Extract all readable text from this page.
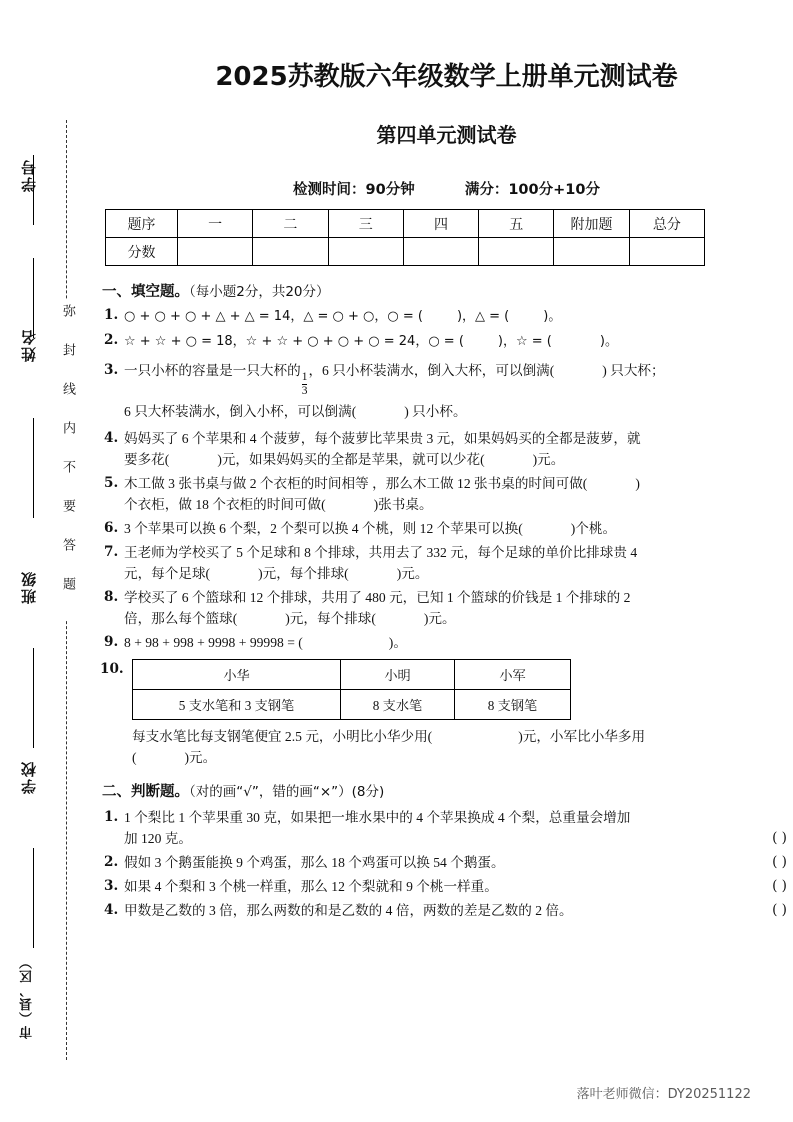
学号
姓名
班级
学校
市（县、区）
弥封线内不要答题
2025苏教版六年级数学上册单元测试卷
第四单元测试卷
检测时间：90分钟	满分：100分+10分
题序	一	二	三	四	五	附加题	总分
分数							
一、填空题。（每小题2分，共20分）
1. ○ + ○ + ○ + △ + △ = 14，△ = ○ + ○，○ = (	)，△ = (	)。
2. ☆ + ☆ + ○ = 18，☆ + ☆ + ○ + ○ + ○ = 24，○ = (	)，☆ = (	)。
3. 一只小杯的容量是一只大杯的
$\frac{1}{3}$
，6 只小杯装满水，倒入大杯，可以倒满(	) 只大杯；
6 只大杯装满水，倒入小杯，可以倒满(	) 只小杯。
4. 妈妈买了 6 个苹果和 4 个菠萝，每个菠萝比苹果贵 3 元，如果妈妈买的全都是菠萝，就
要多花(	)元，如果妈妈买的全都是苹果，就可以少花(	)元。
5. 木工做 3 张书桌与做 2 个衣柜的时间相等 ，那么木工做 12 张书桌的时间可做(	)
个衣柜，做 18 个衣柜的时间可做(	)张书桌。
6. 3 个苹果可以换 6 个梨，2 个梨可以换 4 个桃，则 12 个苹果可以换(	)个桃。
7. 王老师为学校买了 5 个足球和 8 个排球，共用去了 332 元，每个足球的单价比排球贵 4
元，每个足球(	)元，每个排球(	)元。
8. 学校买了 6 个篮球和 12 个排球，共用了 480 元，已知 1 个篮球的价钱是 1 个排球的 2
倍，那么每个篮球(	)元，每个排球(	)元。
9. 8 + 98 + 998 + 9998 + 99998 = (	)。
10.	小华	小明	小军
5 支水笔和 3 支钢笔	8 支水笔	8 支钢笔
每支水笔比每支钢笔便宜 2.5 元，小明比小华少用(	)元，小军比小华多用
(	)元。
二、判断题。（对的画“√”，错的画“×”）(8分)
1. 1 个梨比 1 个苹果重 30 克，如果把一堆水果中的 4 个苹果换成 4 个梨，总重量会增加
加 120 克。	( )
2. 假如 3 个鹅蛋能换 9 个鸡蛋，那么 18 个鸡蛋可以换 54 个鹅蛋。	( )
3. 如果 4 个梨和 3 个桃一样重，那么 12 个梨就和 9 个桃一样重。	( )
4. 甲数是乙数的 3 倍，那么两数的和是乙数的 4 倍，两数的差是乙数的 2 倍。	( )
落叶老师微信：DY20251122
